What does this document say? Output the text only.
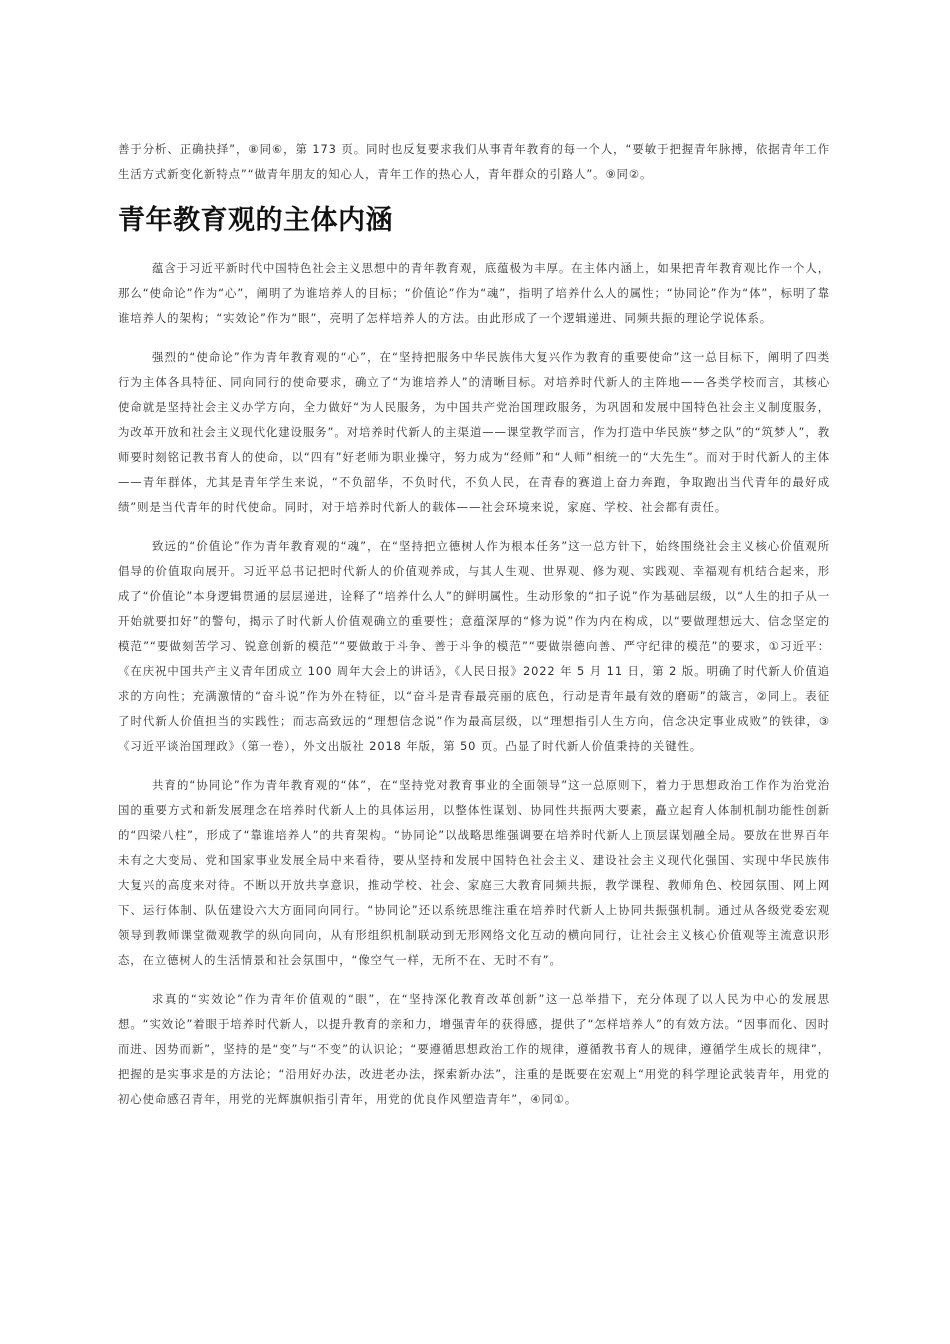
善于分析、正确抉择”，⑧同⑥，第 173 页。同时也反复要求我们从事青年教育的每一个人，“要敏于把握青年脉搏，依据青年工作生活方式新变化新特点”“做青年朋友的知心人，青年工作的热心人，青年群众的引路人”。⑨同②。

青年教育观的主体内涵

蕴含于习近平新时代中国特色社会主义思想中的青年教育观，底蕴极为丰厚。在主体内涵上，如果把青年教育观比作一个人，那么“使命论”作为“心”，阐明了为谁培养人的目标；“价值论”作为“魂”，指明了培养什么人的属性；“协同论”作为“体”，标明了靠谁培养人的架构；“实效论”作为“眼”，亮明了怎样培养人的方法。由此形成了一个逻辑递进、同频共振的理论学说体系。

强烈的“使命论”作为青年教育观的“心”，在“坚持把服务中华民族伟大复兴作为教育的重要使命”这一总目标下，阐明了四类行为主体各具特征、同向同行的使命要求，确立了“为谁培养人”的清晰目标。对培养时代新人的主阵地——各类学校而言，其核心使命就是坚持社会主义办学方向，全力做好“为人民服务，为中国共产党治国理政服务，为巩固和发展中国特色社会主义制度服务，为改革开放和社会主义现代化建设服务”。对培养时代新人的主渠道——课堂教学而言，作为打造中华民族“梦之队”的“筑梦人”，教师要时刻铭记教书育人的使命，以“四有”好老师为职业操守，努力成为“经师”和“人师”相统一的“大先生”。而对于时代新人的主体——青年群体，尤其是青年学生来说，“不负韶华，不负时代，不负人民，在青春的赛道上奋力奔跑，争取跑出当代青年的最好成绩”则是当代青年的时代使命。同时，对于培养时代新人的载体——社会环境来说，家庭、学校、社会都有责任。

致远的“价值论”作为青年教育观的“魂”，在“坚持把立德树人作为根本任务”这一总方针下，始终围绕社会主义核心价值观所倡导的价值取向展开。习近平总书记把时代新人的价值观养成，与其人生观、世界观、修为观、实践观、幸福观有机结合起来，形成了“价值论”本身逻辑贯通的层层递进，诠释了“培养什么人”的鲜明属性。生动形象的“扣子说”作为基础层级，以“人生的扣子从一开始就要扣好”的警句，揭示了时代新人价值观确立的重要性；意蕴深厚的“修为说”作为内在构成，以“要做理想远大、信念坚定的模范”“要做刻苦学习、锐意创新的模范”“要做敢于斗争、善于斗争的模范”“要做崇德向善、严守纪律的模范”的要求，①习近平：《在庆祝中国共产主义青年团成立 100 周年大会上的讲话》，《人民日报》2022 年 5 月 11 日，第 2 版。明确了时代新人价值追求的方向性；充满激情的“奋斗说”作为外在特征，以“奋斗是青春最亮丽的底色，行动是青年最有效的磨砺”的箴言，②同上。表征了时代新人价值担当的实践性；而志高致远的“理想信念说”作为最高层级，以“理想指引人生方向，信念决定事业成败”的铁律，③《习近平谈治国理政》（第一卷），外文出版社 2018 年版，第 50 页。凸显了时代新人价值秉持的关键性。

共育的“协同论”作为青年教育观的“体”，在“坚持党对教育事业的全面领导”这一总原则下，着力于思想政治工作作为治党治国的重要方式和新发展理念在培养时代新人上的具体运用，以整体性谋划、协同性共振两大要素，矗立起育人体制机制功能性创新的“四梁八柱”，形成了“靠谁培养人”的共育架构。“协同论”以战略思维强调要在培养时代新人上顶层谋划融全局。要放在世界百年未有之大变局、党和国家事业发展全局中来看待，要从坚持和发展中国特色社会主义、建设社会主义现代化强国、实现中华民族伟大复兴的高度来对待。不断以开放共享意识，推动学校、社会、家庭三大教育同频共振，教学课程、教师角色、校园氛围、网上网下、运行体制、队伍建设六大方面同向同行。“协同论”还以系统思维注重在培养时代新人上协同共振强机制。通过从各级党委宏观领导到教师课堂微观教学的纵向同向，从有形组织机制联动到无形网络文化互动的横向同行，让社会主义核心价值观等主流意识形态，在立德树人的生活情景和社会氛围中，“像空气一样，无所不在、无时不有”。

求真的“实效论”作为青年价值观的“眼”，在“坚持深化教育改革创新”这一总举措下，充分体现了以人民为中心的发展思想。“实效论”着眼于培养时代新人，以提升教育的亲和力，增强青年的获得感，提供了“怎样培养人”的有效方法。“因事而化、因时而进、因势而新”，坚持的是“变”与“不变”的认识论；“要遵循思想政治工作的规律，遵循教书育人的规律，遵循学生成长的规律”，把握的是实事求是的方法论；“沿用好办法，改进老办法，探索新办法”，注重的是既要在宏观上“用党的科学理论武装青年，用党的初心使命感召青年，用党的光辉旗帜指引青年，用党的优良作风塑造青年”，④同①。
